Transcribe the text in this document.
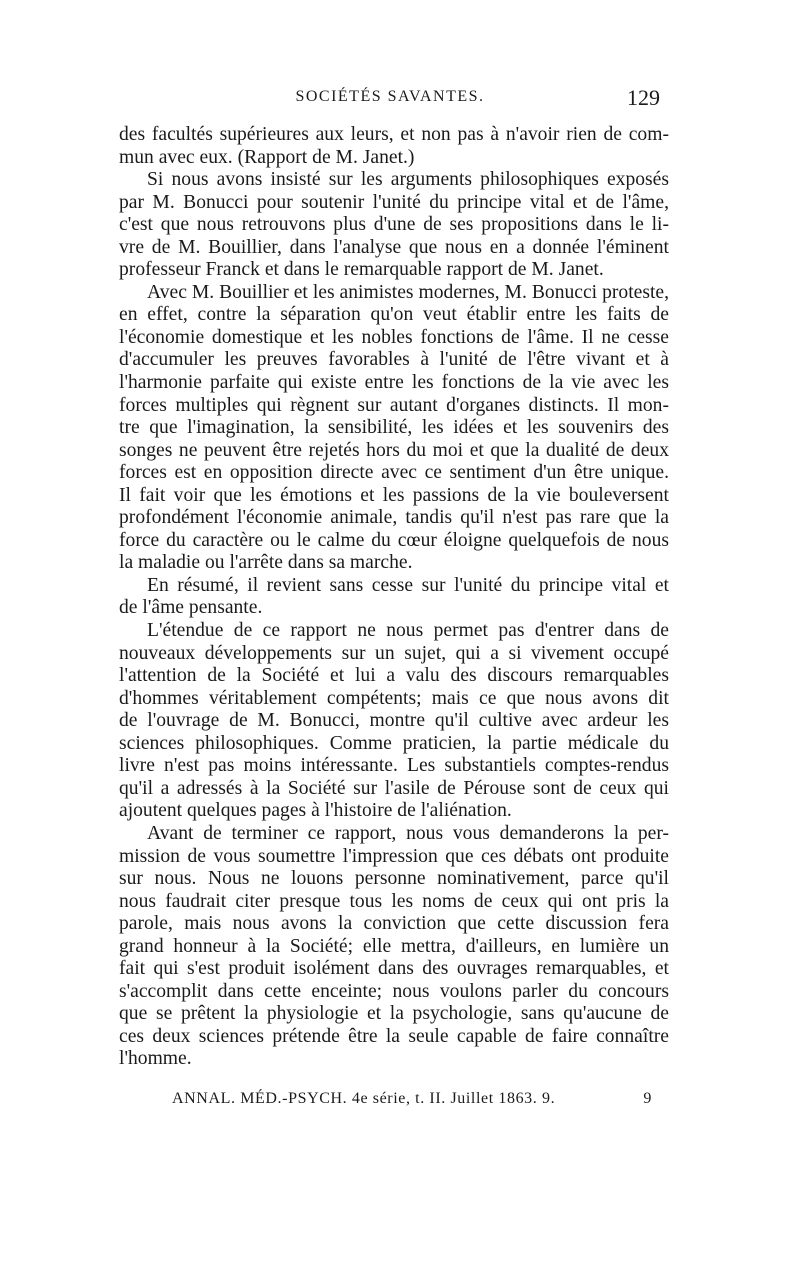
SOCIÉTÉS SAVANTES.	129
des facultés supérieures aux leurs, et non pas à n'avoir rien de com-
mun avec eux. (Rapport de M. Janet.)
Si nous avons insisté sur les arguments philosophiques exposés
par M. Bonucci pour soutenir l'unité du principe vital et de l'âme,
c'est que nous retrouvons plus d'une de ses propositions dans le li-
vre de M. Bouillier, dans l'analyse que nous en a donnée l'éminent
professeur Franck et dans le remarquable rapport de M. Janet.
Avec M. Bouillier et les animistes modernes, M. Bonucci proteste,
en effet, contre la séparation qu'on veut établir entre les faits de
l'économie domestique et les nobles fonctions de l'âme. Il ne cesse
d'accumuler les preuves favorables à l'unité de l'être vivant et à
l'harmonie parfaite qui existe entre les fonctions de la vie avec les
forces multiples qui règnent sur autant d'organes distincts. Il mon-
tre que l'imagination, la sensibilité, les idées et les souvenirs des
songes ne peuvent être rejetés hors du moi et que la dualité de deux
forces est en opposition directe avec ce sentiment d'un être unique.
Il fait voir que les émotions et les passions de la vie bouleversent
profondément l'économie animale, tandis qu'il n'est pas rare que la
force du caractère ou le calme du cœur éloigne quelquefois de nous
la maladie ou l'arrête dans sa marche.
En résumé, il revient sans cesse sur l'unité du principe vital et
de l'âme pensante.
L'étendue de ce rapport ne nous permet pas d'entrer dans de
nouveaux développements sur un sujet, qui a si vivement occupé
l'attention de la Société et lui a valu des discours remarquables
d'hommes véritablement compétents; mais ce que nous avons dit
de l'ouvrage de M. Bonucci, montre qu'il cultive avec ardeur les
sciences philosophiques. Comme praticien, la partie médicale du
livre n'est pas moins intéressante. Les substantiels comptes-rendus
qu'il a adressés à la Société sur l'asile de Pérouse sont de ceux qui
ajoutent quelques pages à l'histoire de l'aliénation.
Avant de terminer ce rapport, nous vous demanderons la per-
mission de vous soumettre l'impression que ces débats ont produite
sur nous. Nous ne louons personne nominativement, parce qu'il
nous faudrait citer presque tous les noms de ceux qui ont pris la
parole, mais nous avons la conviction que cette discussion fera
grand honneur à la Société; elle mettra, d'ailleurs, en lumière un
fait qui s'est produit isolément dans des ouvrages remarquables, et
s'accomplit dans cette enceinte; nous voulons parler du concours
que se prêtent la physiologie et la psychologie, sans qu'aucune de
ces deux sciences prétende être la seule capable de faire connaître
l'homme.
ANNAL. MÉD.-PSYCH. 4e série, t. II. Juillet 1863. 9.	9
